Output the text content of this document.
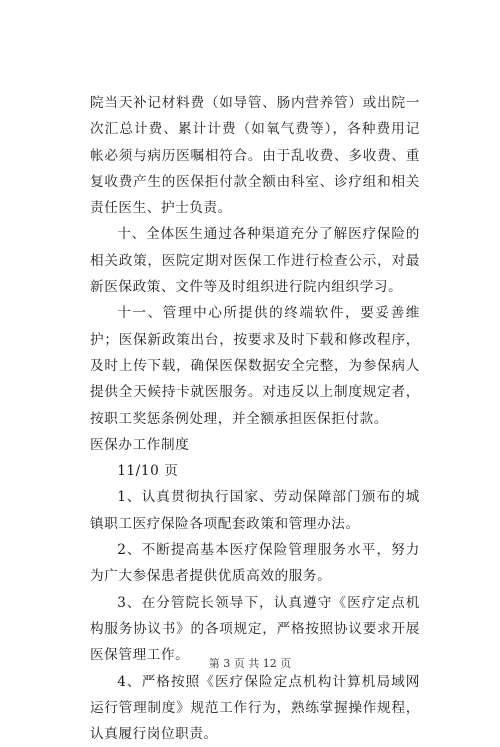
院当天补记材料费（如导管、肠内营养管）或出院一次汇总计费、累计计费（如氧气费等），各种费用记帐必须与病历医嘱相符合。由于乱收费、多收费、重复收费产生的医保拒付款全额由科室、诊疗组和相关责任医生、护士负责。

十、全体医生通过各种渠道充分了解医疗保险的相关政策，医院定期对医保工作进行检查公示，对最新医保政策、文件等及时组织进行院内组织学习。

十一、管理中心所提供的终端软件，要妥善维护；医保新政策出台，按要求及时下载和修改程序，及时上传下载，确保医保数据安全完整，为参保病人提供全天候持卡就医服务。对违反以上制度规定者，按职工奖惩条例处理，并全额承担医保拒付款。

医保办工作制度

11/10 页

1、认真贯彻执行国家、劳动保障部门颁布的城镇职工医疗保险各项配套政策和管理办法。

2、不断提高基本医疗保险管理服务水平，努力为广大参保患者提供优质高效的服务。

3、在分管院长领导下，认真遵守《医疗定点机构服务协议书》的各项规定，严格按照协议要求开展医保管理工作。

4、严格按照《医疗保险定点机构计算机局域网运行管理制度》规范工作行为，熟练掌握操作规程，认真履行岗位职责。

第 3 页 共 12 页
